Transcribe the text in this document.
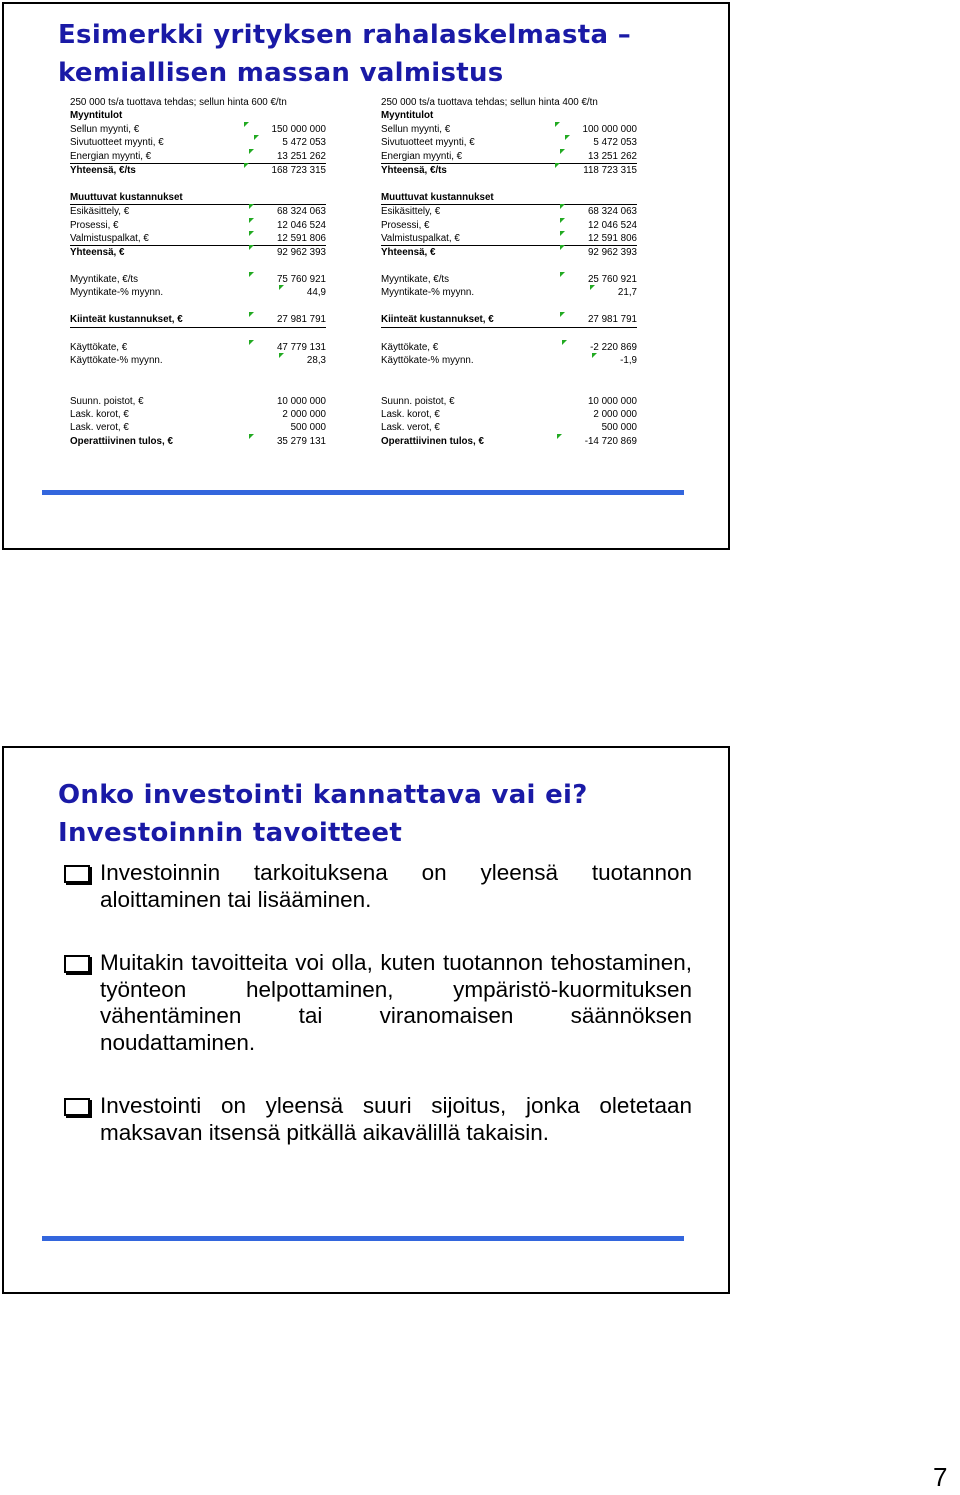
Esimerkki yrityksen rahalaskelmasta –
kemiallisen massan valmistus
250 000 ts/a tuottava tehdas; sellun hinta 600 €/tn
Myyntitulot
Sellun myynti, €	150 000 000
Sivutuotteet myynti, €	5 472 053
Energian myynti, €	13 251 262
Yhteensä, €/ts	168 723 315
Muuttuvat kustannukset
Esikäsittely, €	68 324 063
Prosessi, €	12 046 524
Valmistuspalkat, €	12 591 806
Yhteensä, €	92 962 393
Myyntikate, €/ts	75 760 921
Myyntikate-% myynn.	44,9
Kiinteät kustannukset, €	27 981 791
Käyttökate, €	47 779 131
Käyttökate-% myynn.	28,3
Suunn. poistot, €	10 000 000
Lask. korot, €	2 000 000
Lask. verot, €	500 000
Operattiivinen tulos, €	35 279 131
250 000 ts/a tuottava tehdas; sellun hinta 400 €/tn
Myyntitulot
Sellun myynti, €	100 000 000
Sivutuotteet myynti, €	5 472 053
Energian myynti, €	13 251 262
Yhteensä, €/ts	118 723 315
Muuttuvat kustannukset
Esikäsittely, €	68 324 063
Prosessi, €	12 046 524
Valmistuspalkat, €	12 591 806
Yhteensä, €	92 962 393
Myyntikate, €/ts	25 760 921
Myyntikate-% myynn.	21,7
Kiinteät kustannukset, €	27 981 791
Käyttökate, €	-2 220 869
Käyttökate-% myynn.	-1,9
Suunn. poistot, €	10 000 000
Lask. korot, €	2 000 000
Lask. verot, €	500 000
Operattiivinen tulos, €	-14 720 869
Onko investointi kannattava vai ei?
Investoinnin tavoitteet
Investoinnin tarkoituksena on yleensä tuotannon aloittaminen tai lisääminen.
Muitakin tavoitteita voi olla, kuten tuotannon tehostaminen, työnteon helpottaminen, ympäristö-kuormituksen vähentäminen tai viranomaisen säännöksen noudattaminen.
Investointi on yleensä suuri sijoitus, jonka oletetaan maksavan itsensä pitkällä aikavälillä takaisin.
7
